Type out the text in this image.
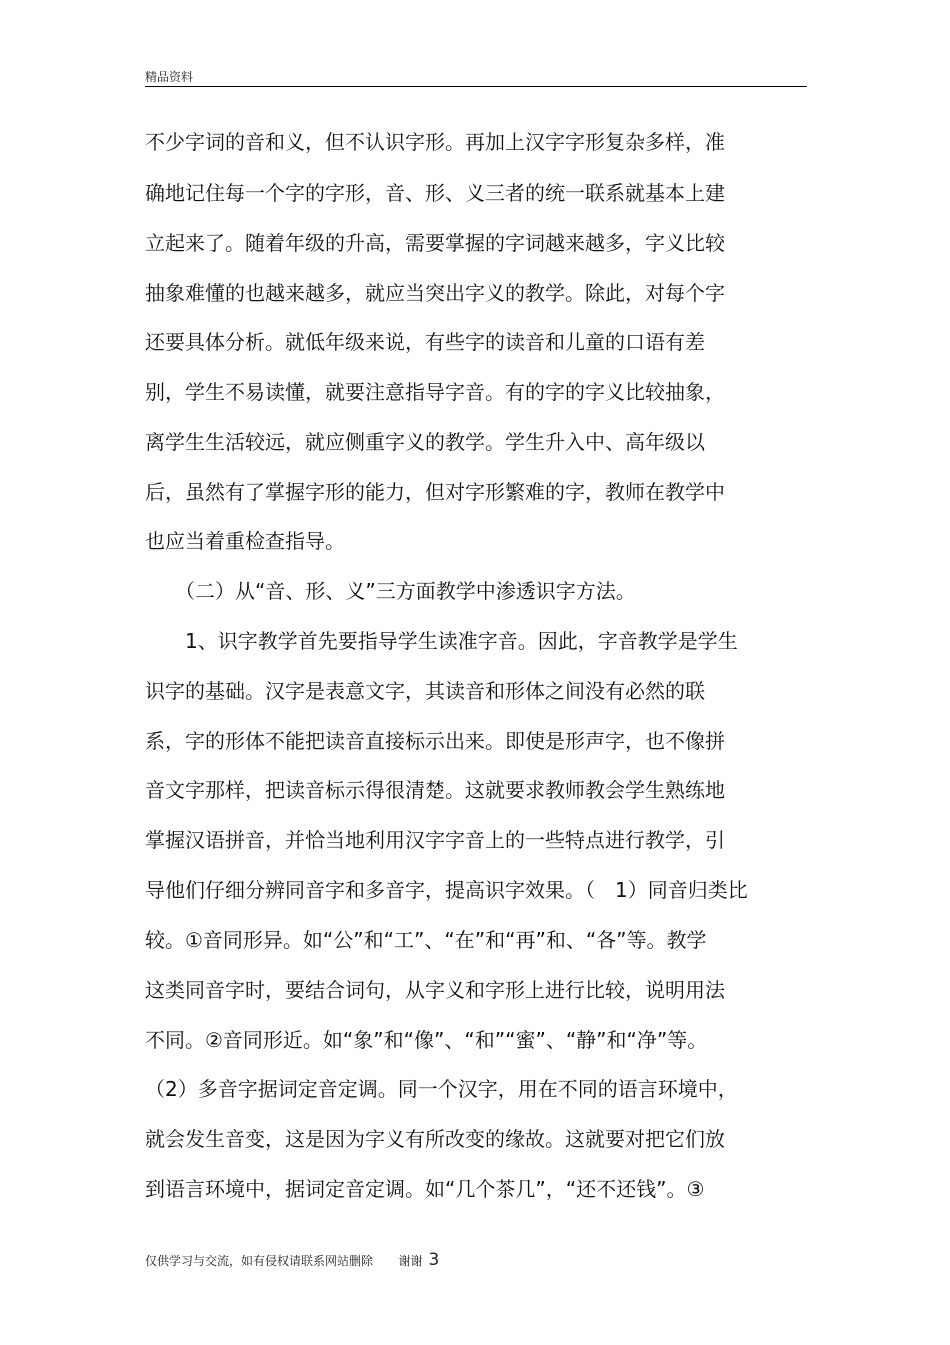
精品资料
不少字词的音和义，但不认识字形。再加上汉字字形复杂多样，准
确地记住每一个字的字形，音、形、义三者的统一联系就基本上建
立起来了。随着年级的升高，需要掌握的字词越来越多，字义比较
抽象难懂的也越来越多，就应当突出字义的教学。除此，对每个字
还要具体分析。就低年级来说，有些字的读音和儿童的口语有差
别，学生不易读懂，就要注意指导字音。有的字的字义比较抽象，
离学生生活较远，就应侧重字义的教学。学生升入中、高年级以
后，虽然有了掌握字形的能力，但对字形繁难的字，教师在教学中
也应当着重检查指导。
　　（二）从“音、形、义”三方面教学中渗透识字方法。
　　1、识字教学首先要指导学生读准字音。因此，字音教学是学生
识字的基础。汉字是表意文字，其读音和形体之间没有必然的联
系，字的形体不能把读音直接标示出来。即使是形声字，也不像拼
音文字那样，把读音标示得很清楚。这就要求教师教会学生熟练地
掌握汉语拼音，并恰当地利用汉字字音上的一些特点进行教学，引
导他们仔细分辨同音字和多音字，提高识字效果。（　1）同音归类比
较。①音同形异。如“公”和“工”、“在”和“再”和、“各”等。教学
这类同音字时，要结合词句，从字义和字形上进行比较，说明用法
不同。②音同形近。如“象”和“像”、“和”“蜜”、“静”和“净”等。
（2）多音字据词定音定调。同一个汉字，用在不同的语言环境中，
就会发生音变，这是因为字义有所改变的缘故。这就要对把它们放
到语言环境中，据词定音定调。如“几个茶几”，“还不还钱”。③
仅供学习与交流，如有侵权请联系网站删除 谢谢 3
